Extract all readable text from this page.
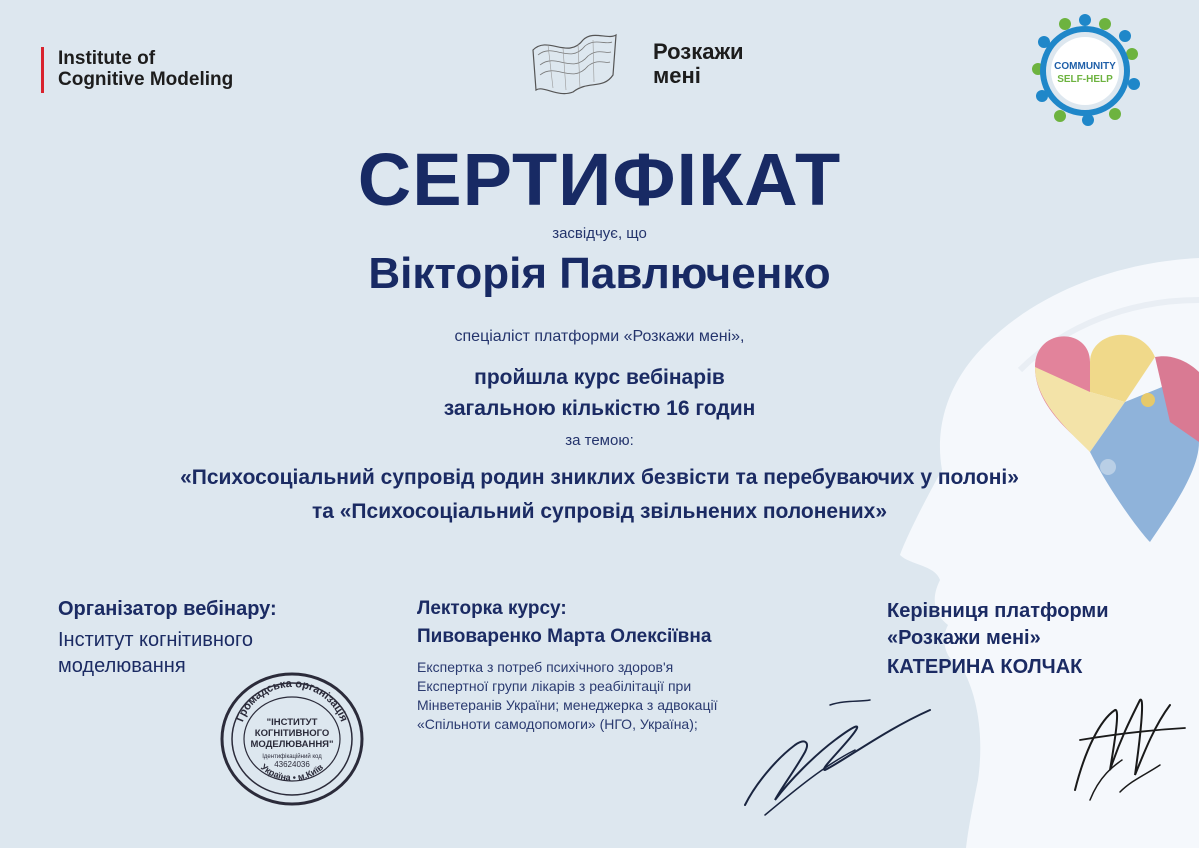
Institute of
Cognitive Modeling
Розкажи
мені	COMMUNITY
SELF-HELP
СЕРТИФІКАТ
засвідчує, що
Вікторія Павлюченко
спеціаліст платформи «Розкажи мені»,
пройшла курс вебінарів
загальною кількістю 16 годин
за темою:
«Психосоціальний супровід родин зниклих безвісти та перебуваючих у полоні»
та «Психосоціальний супровід звільнених полонених»
Організатор вебінару:
Інститут когнітивного
моделювання
Громадська організація
Україна • м.Київ
"ІНСТИТУТ
КОГНІТИВНОГО
МОДЕЛЮВАННЯ"
Ідентифікаційний код
43624036
Лекторка курсу:
Пивоваренко Марта Олексіївна
Експертка з потреб психічного здоров'я
Експертної групи лікарів з реабілітації при
Мінветеранів України; менеджерка з адвокації
«Спільноти самодопомоги» (НГО, Україна);
Керівниця платформи
«Розкажи мені»
КАТЕРИНА КОЛЧАК
